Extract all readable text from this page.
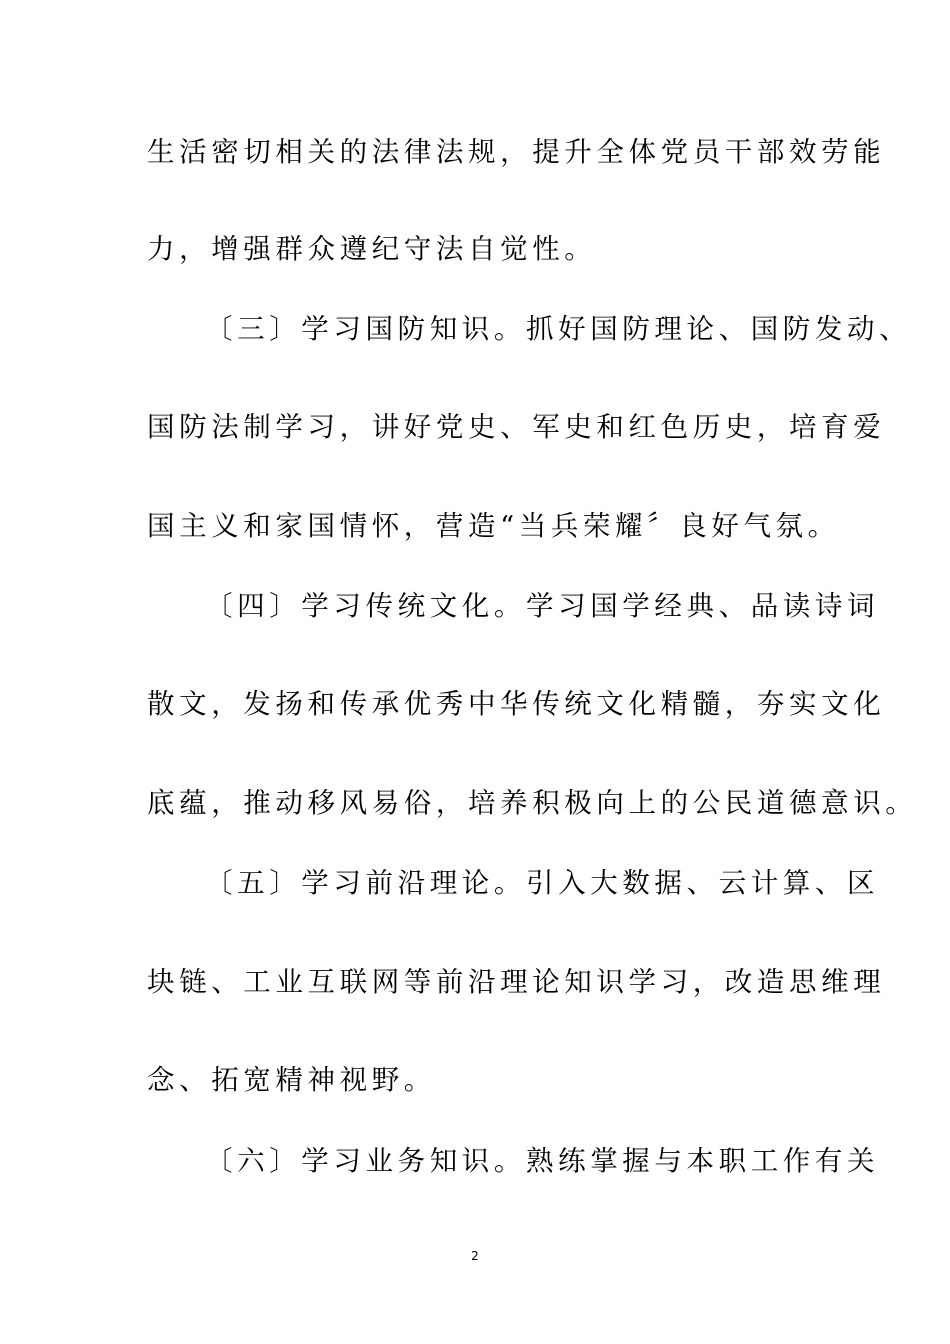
生活密切相关的法律法规，提升全体党员干部效劳能
力，增强群众遵纪守法自觉性。
〔三〕学习国防知识。抓好国防理论、国防发动、
国防法制学习，讲好党史、军史和红色历史，培育爱
国主义和家国情怀，营造“当兵荣耀〞良好气氛。
〔四〕学习传统文化。学习国学经典、品读诗词
散文，发扬和传承优秀中华传统文化精髓，夯实文化
底蕴，推动移风易俗，培养积极向上的公民道德意识。
〔五〕学习前沿理论。引入大数据、云计算、区
块链、工业互联网等前沿理论知识学习，改造思维理
念、拓宽精神视野。
〔六〕学习业务知识。熟练掌握与本职工作有关
2
